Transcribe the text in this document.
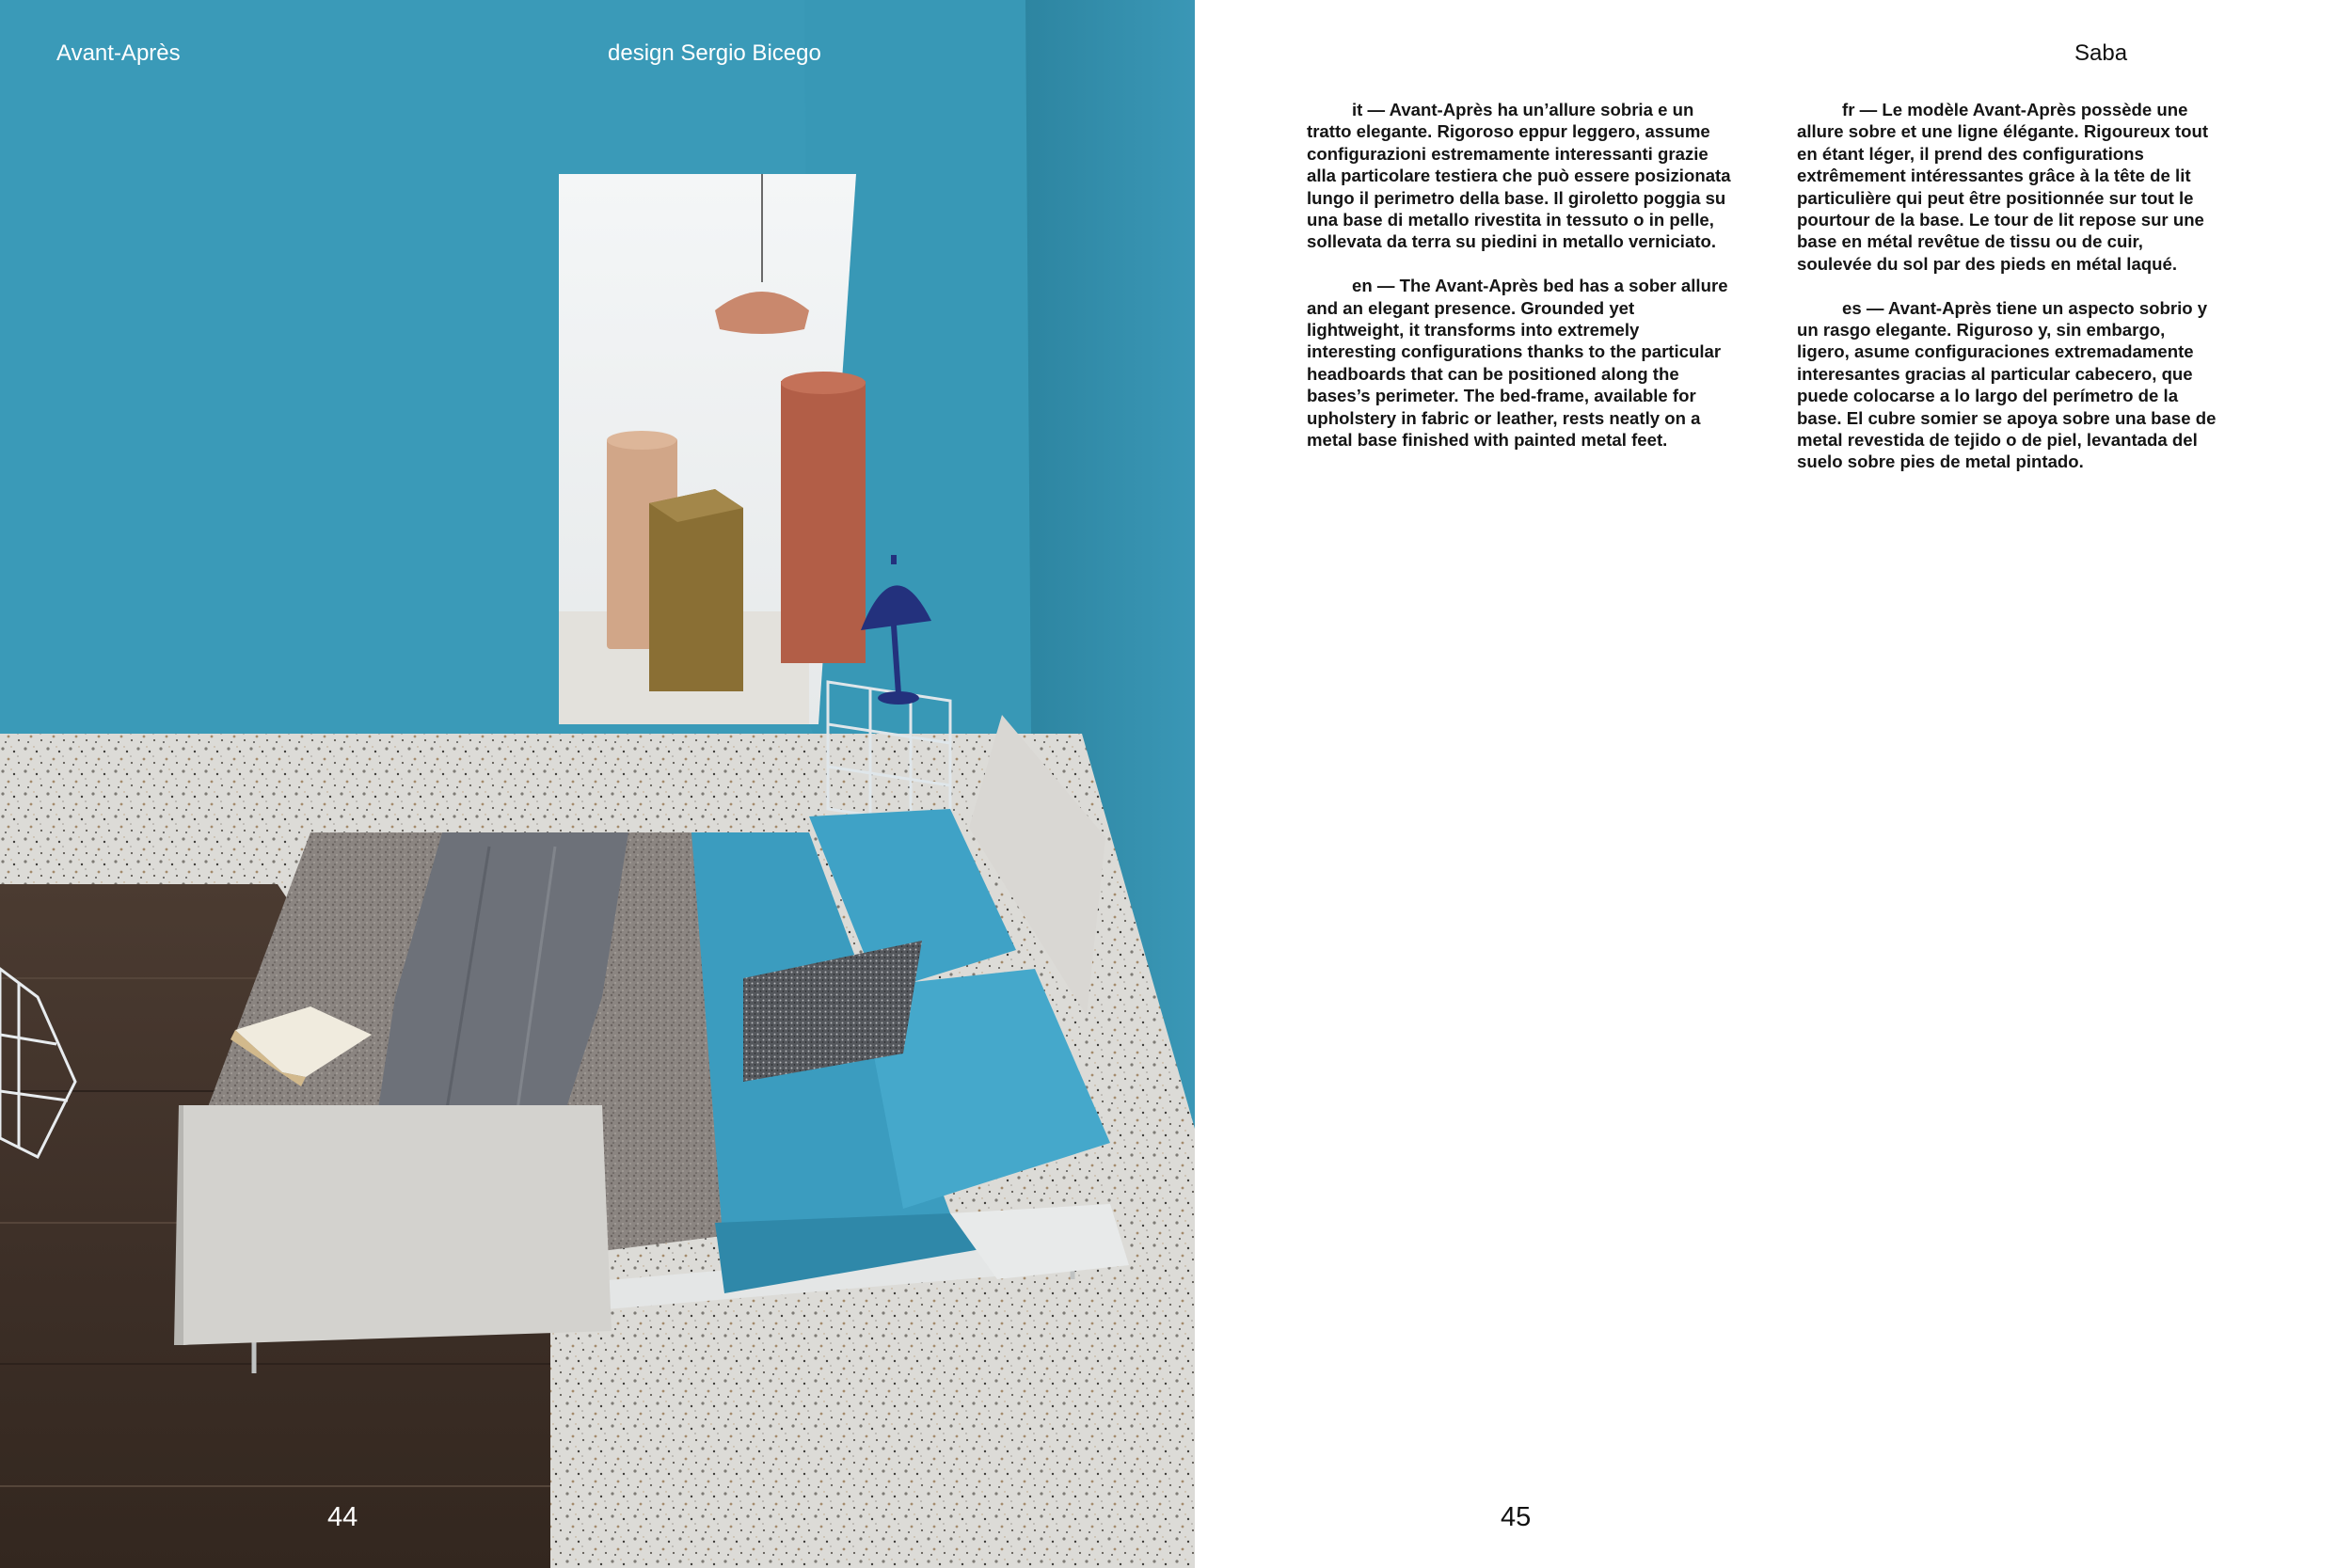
Avant-Après	design Sergio Bicego
44
Saba

it — Avant-Après ha un’allure sobria e un tratto elegante. Rigoroso eppur leggero, assume configurazioni estremamente interessanti grazie alla particolare testiera che può essere posizionata lungo il perimetro della base. Il giroletto poggia su una base di metallo rivestita in tessuto o in pelle, sollevata da terra su piedini in metallo verniciato.

en — The Avant-Après bed has a sober allure and an elegant presence. Grounded yet lightweight, it transforms into extremely interesting configurations thanks to the particular headboards that can be positioned along the bases’s perimeter. The bed-frame, available for upholstery in fabric or leather, rests neatly on a metal base finished with painted metal feet.

fr — Le modèle Avant-Après possède une allure sobre et une ligne élégante. Rigoureux tout en étant léger, il prend des configurations extrêmement intéressantes grâce à la tête de lit particulière qui peut être positionnée sur tout le pourtour de la base. Le tour de lit repose sur une base en métal revêtue de tissu ou de cuir, soulevée du sol par des pieds en métal laqué.

es — Avant-Après tiene un aspecto sobrio y un rasgo elegante. Riguroso y, sin embargo, ligero, asume configuraciones extremadamente interesantes gracias al particular cabecero, que puede colocarse a lo largo del perímetro de la base. El cubre somier se apoya sobre una base de metal revestida de tejido o de piel, levantada del suelo sobre pies de metal pintado.

45
